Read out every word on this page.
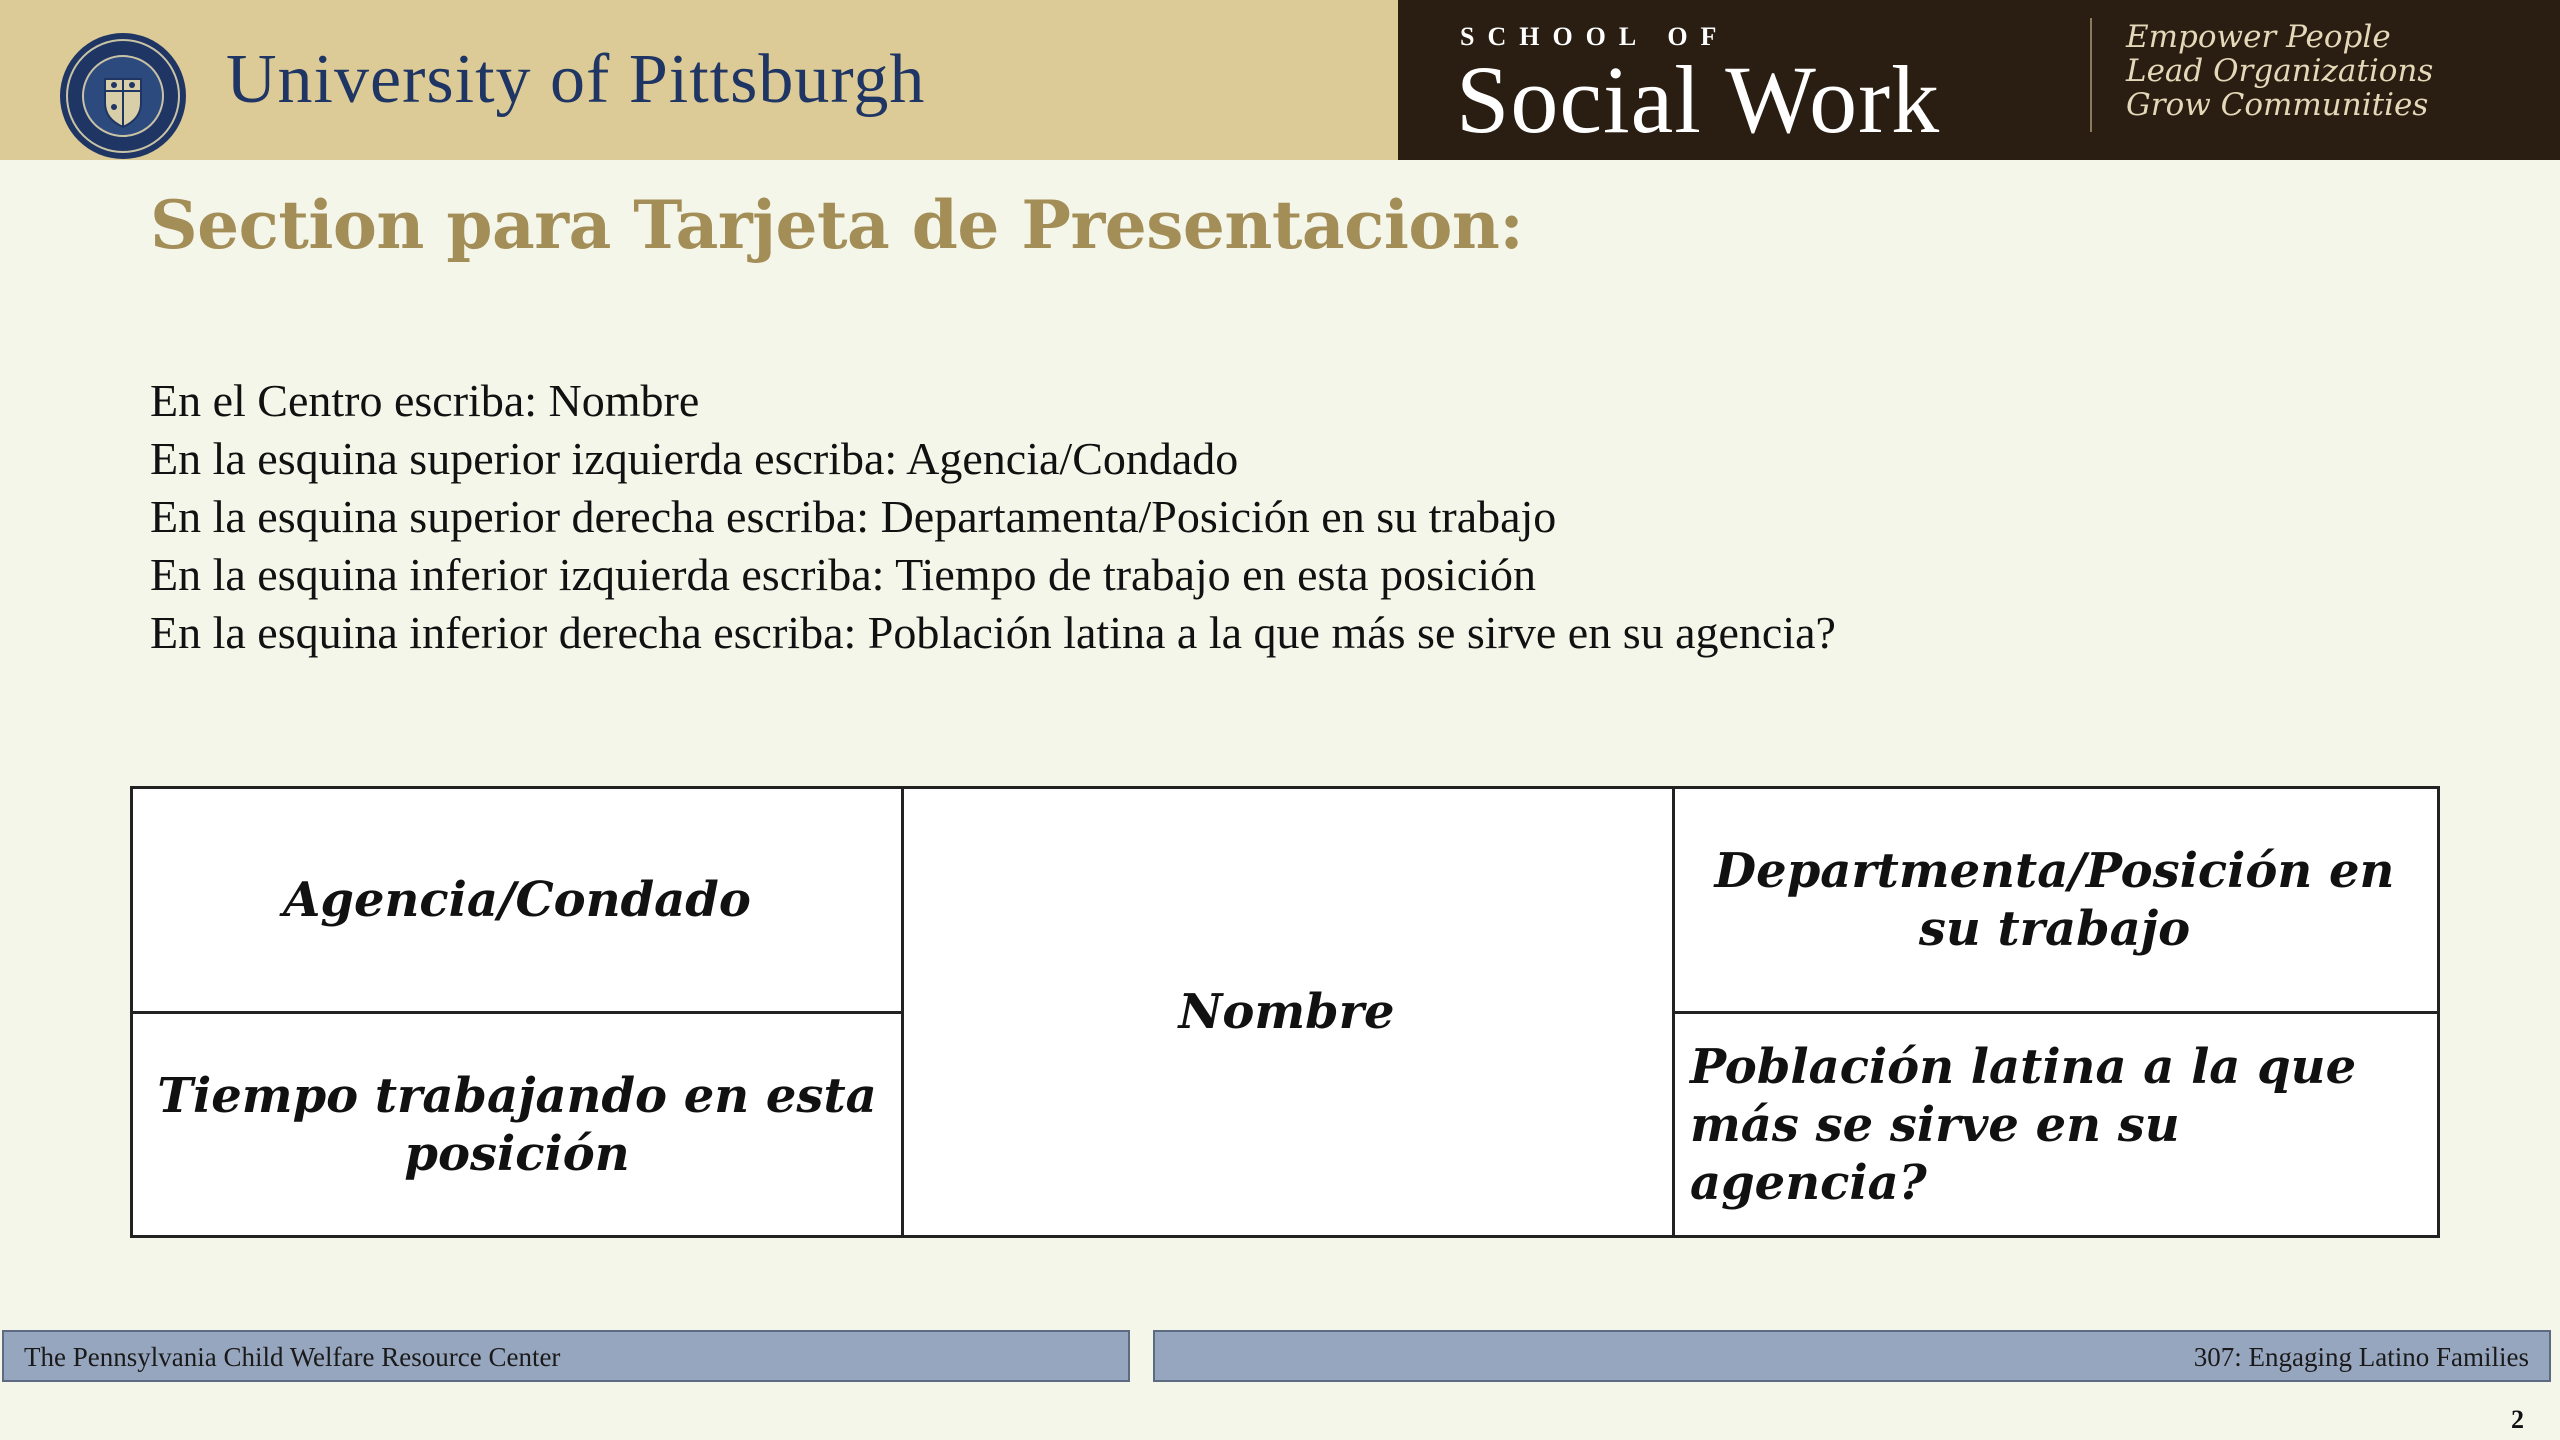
University of Pittsburgh
SCHOOL OF
Social Work
Empower People
Lead Organizations
Grow Communities
Section para Tarjeta de Presentacion:
En el Centro escriba: Nombre
En la esquina superior izquierda escriba: Agencia/Condado
En la esquina superior derecha escriba: Departamenta/Posición en su trabajo
En la esquina inferior izquierda escriba: Tiempo de trabajo en esta posición
En la esquina inferior derecha escriba: Población latina a la que más se sirve en su agencia?
Agencia/Condado
Nombre
Departmenta/Posición en su trabajo
Tiempo trabajando en esta posición
Población latina a la que más se sirve en su agencia?
The Pennsylvania Child Welfare Resource Center	307: Engaging Latino Families
2
